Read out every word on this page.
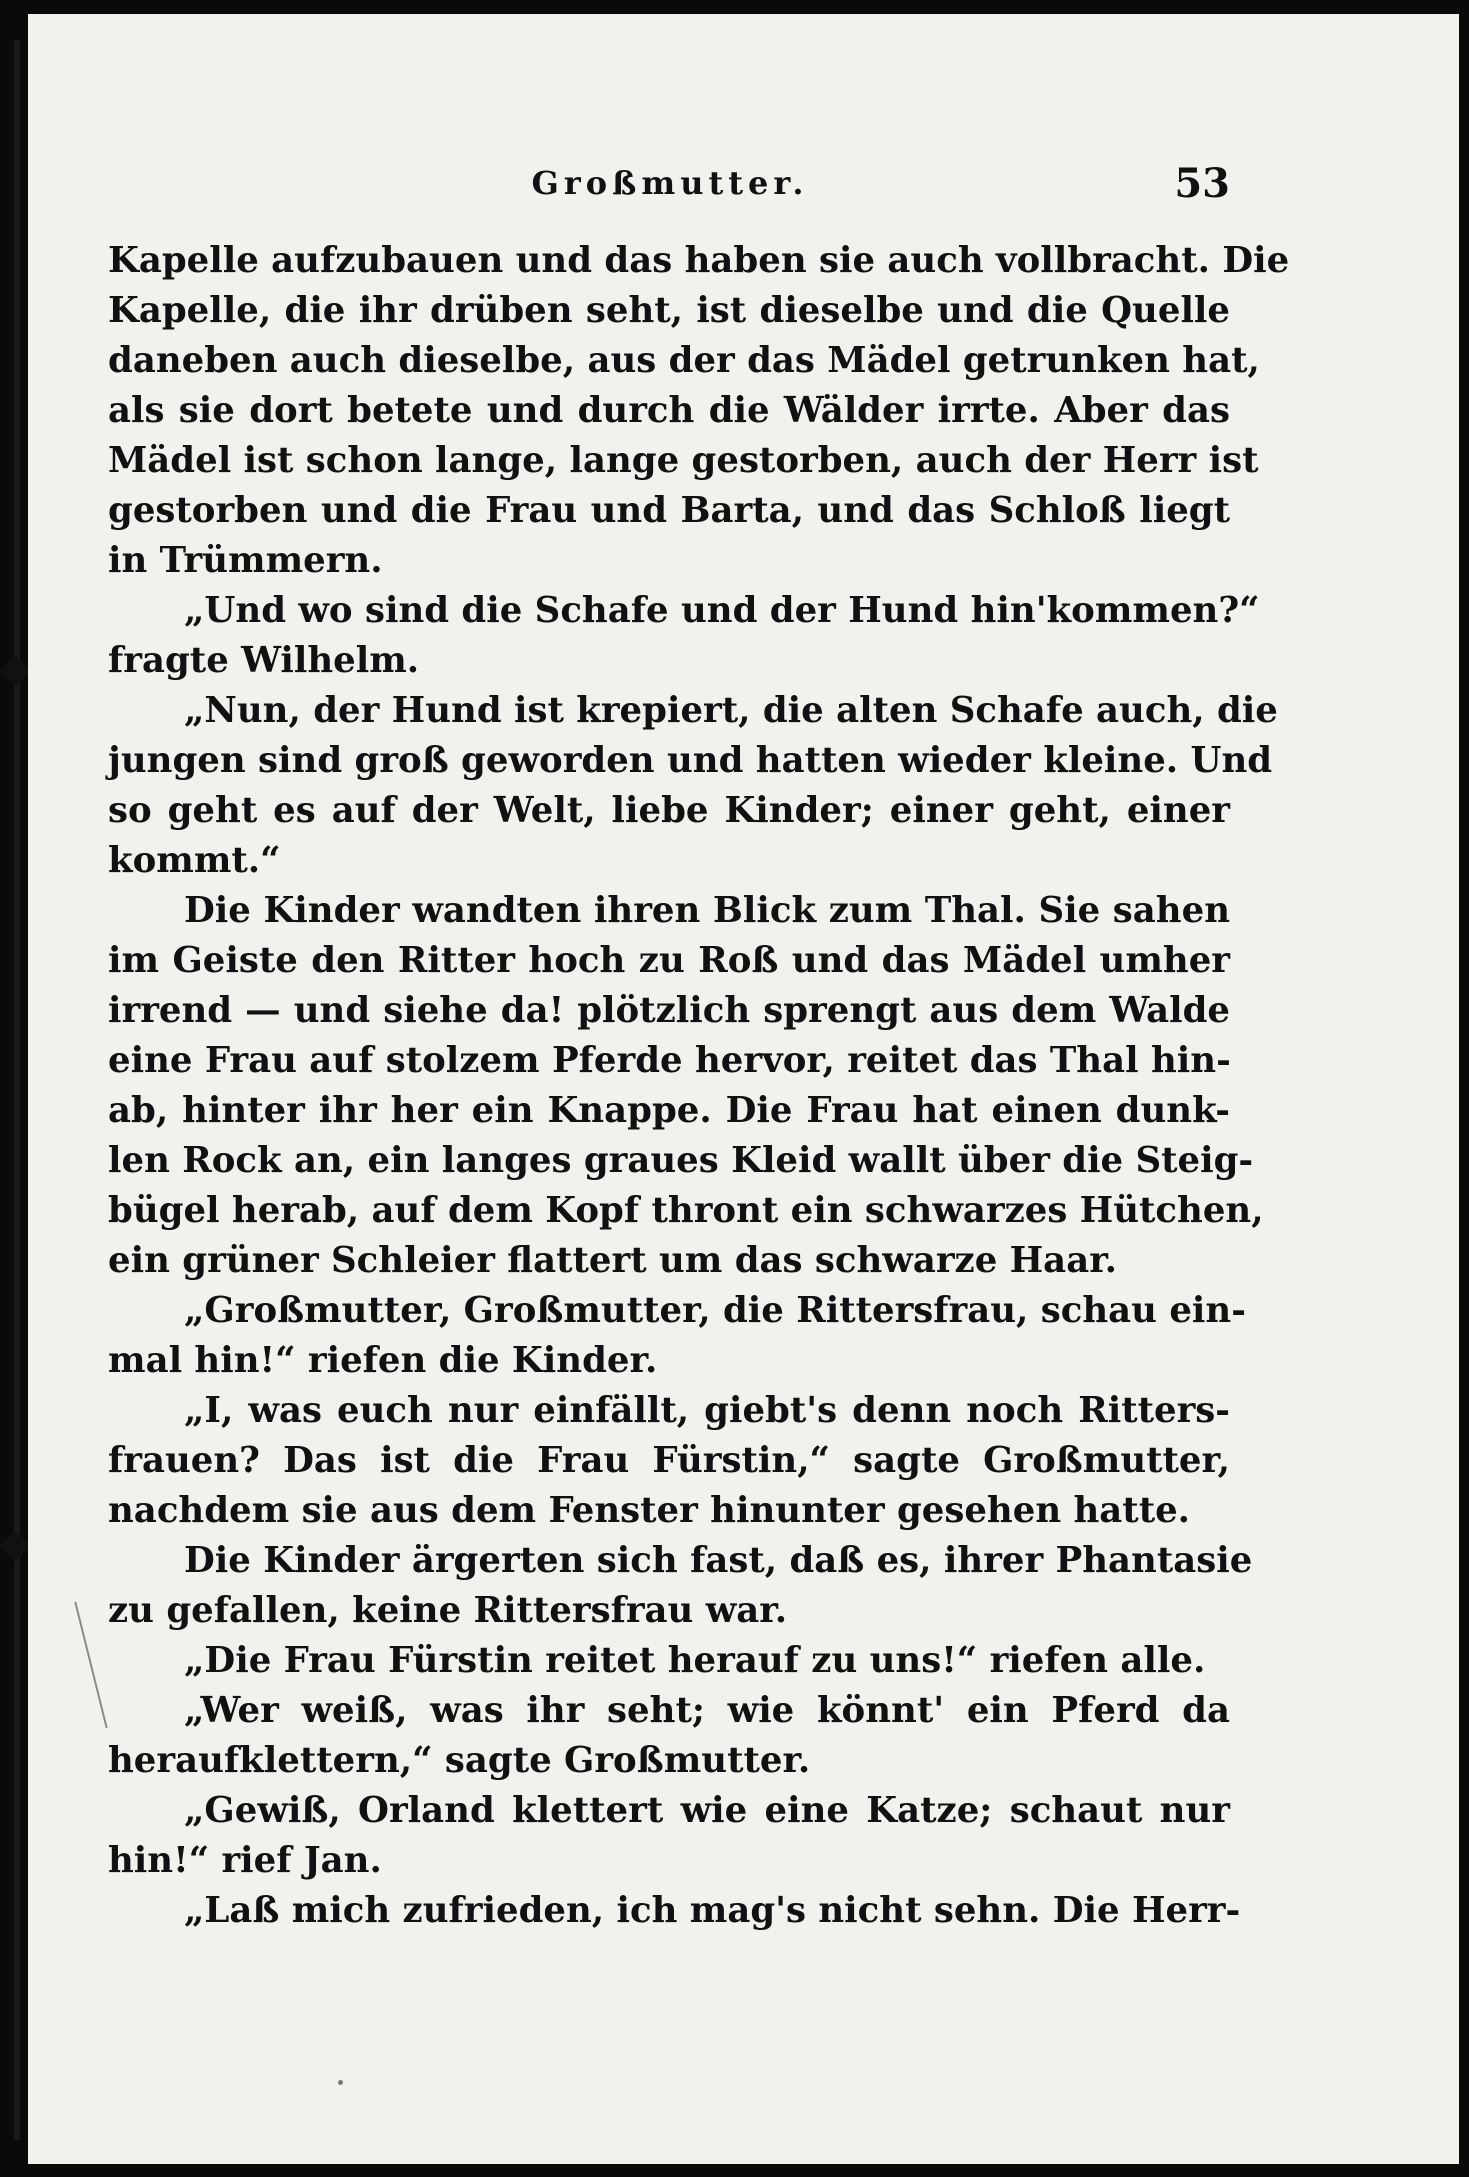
Großmutter.	53
Kapelle aufzubauen und das haben sie auch vollbracht. Die
Kapelle, die ihr drüben seht, ist dieselbe und die Quelle
daneben auch dieselbe, aus der das Mädel getrunken hat,
als sie dort betete und durch die Wälder irrte. Aber das
Mädel ist schon lange, lange gestorben, auch der Herr ist
gestorben und die Frau und Barta, und das Schloß liegt
in Trümmern.
„Und wo sind die Schafe und der Hund hin'kommen?“
fragte Wilhelm.
„Nun, der Hund ist krepiert, die alten Schafe auch, die
jungen sind groß geworden und hatten wieder kleine. Und
so geht es auf der Welt, liebe Kinder; einer geht, einer
kommt.“
Die Kinder wandten ihren Blick zum Thal. Sie sahen
im Geiste den Ritter hoch zu Roß und das Mädel umher
irrend — und siehe da! plötzlich sprengt aus dem Walde
eine Frau auf stolzem Pferde hervor, reitet das Thal hin-
ab, hinter ihr her ein Knappe. Die Frau hat einen dunk-
len Rock an, ein langes graues Kleid wallt über die Steig-
bügel herab, auf dem Kopf thront ein schwarzes Hütchen,
ein grüner Schleier flattert um das schwarze Haar.
„Großmutter, Großmutter, die Rittersfrau, schau ein-
mal hin!“ riefen die Kinder.
„I, was euch nur einfällt, giebt's denn noch Ritters-
frauen? Das ist die Frau Fürstin,“ sagte Großmutter,
nachdem sie aus dem Fenster hinunter gesehen hatte.
Die Kinder ärgerten sich fast, daß es, ihrer Phantasie
zu gefallen, keine Rittersfrau war.
„Die Frau Fürstin reitet herauf zu uns!“ riefen alle.
„Wer weiß, was ihr seht; wie könnt' ein Pferd da
heraufklettern,“ sagte Großmutter.
„Gewiß, Orland klettert wie eine Katze; schaut nur
hin!“ rief Jan.
„Laß mich zufrieden, ich mag's nicht sehn. Die Herr-
